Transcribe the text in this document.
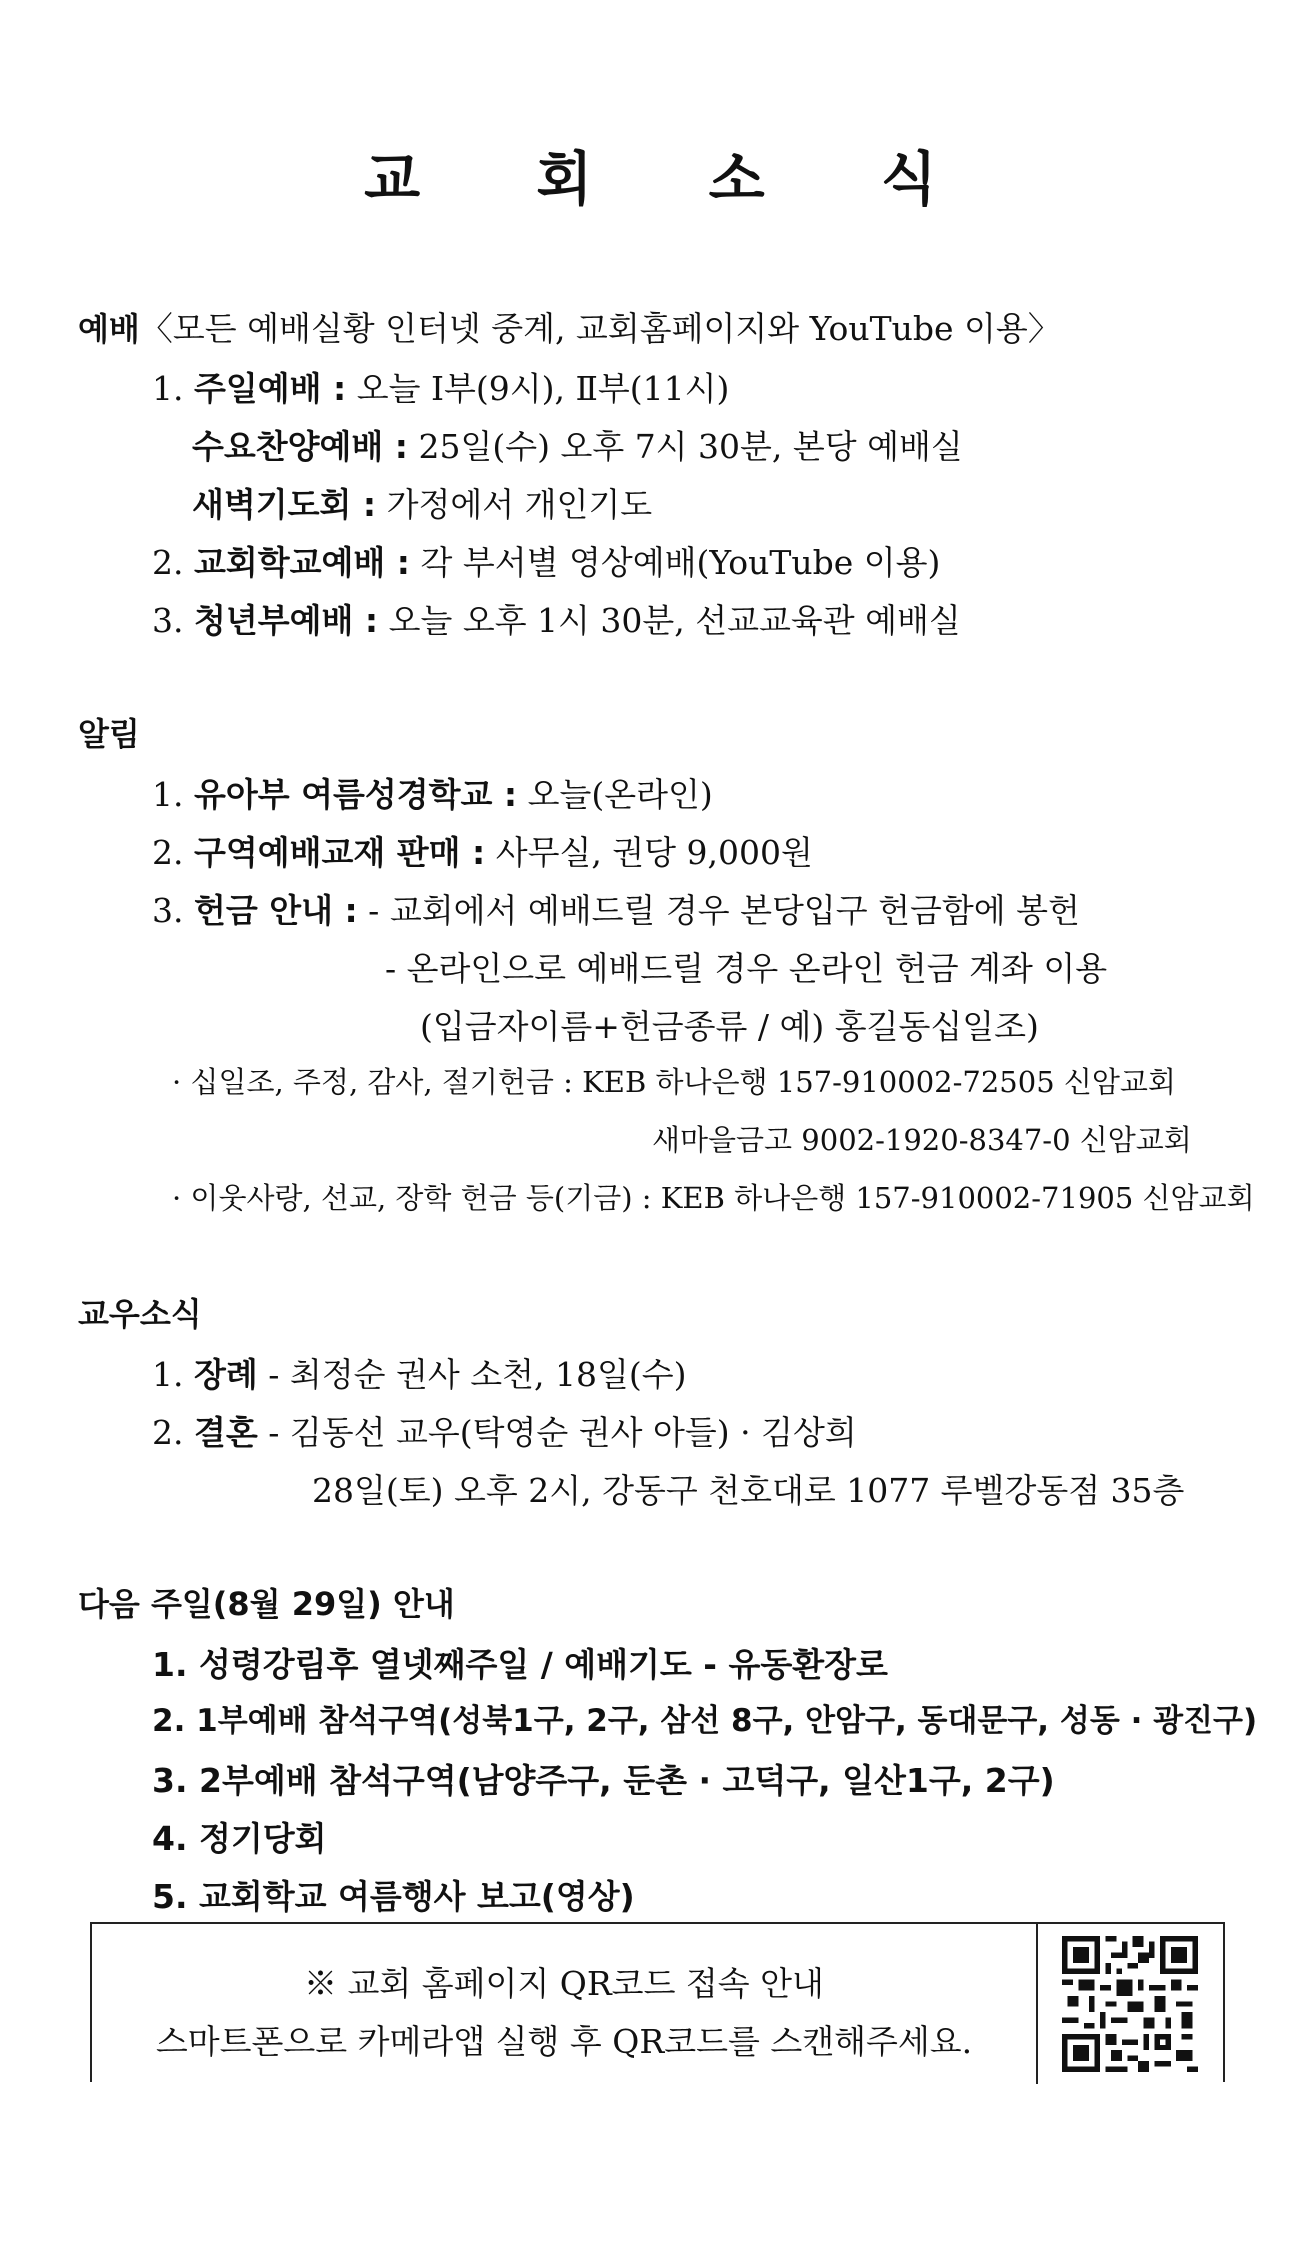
교 회 소 식
예배〈모든 예배실황 인터넷 중계, 교회홈페이지와 YouTube 이용〉
1. 주일예배 : 오늘 Ⅰ부(9시), Ⅱ부(11시)
수요찬양예배 : 25일(수) 오후 7시 30분, 본당 예배실
새벽기도회 : 가정에서 개인기도
2. 교회학교예배 : 각 부서별 영상예배(YouTube 이용)
3. 청년부예배 : 오늘 오후 1시 30분, 선교교육관 예배실
알림
1. 유아부 여름성경학교 : 오늘(온라인)
2. 구역예배교재 판매 : 사무실, 권당 9,000원
3. 헌금 안내 : - 교회에서 예배드릴 경우 본당입구 헌금함에 봉헌
- 온라인으로 예배드릴 경우 온라인 헌금 계좌 이용
(입금자이름+헌금종류 / 예) 홍길동십일조)
· 십일조, 주정, 감사, 절기헌금 : KEB 하나은행 157-910002-72505 신암교회
새마을금고 9002-1920-8347-0 신암교회
· 이웃사랑, 선교, 장학 헌금 등(기금) : KEB 하나은행 157-910002-71905 신암교회
교우소식
1. 장례 - 최정순 권사 소천, 18일(수)
2. 결혼 - 김동선 교우(탁영순 권사 아들) · 김상희
28일(토) 오후 2시, 강동구 천호대로 1077 루벨강동점 35층
다음 주일(8월 29일) 안내
1. 성령강림후 열넷째주일 / 예배기도 - 유동환장로
2. 1부예배 참석구역(성북1구, 2구, 삼선 8구, 안암구, 동대문구, 성동 · 광진구)
3. 2부예배 참석구역(남양주구, 둔촌 · 고덕구, 일산1구, 2구)
4. 정기당회
5. 교회학교 여름행사 보고(영상)
※ 교회 홈페이지 QR코드 접속 안내
스마트폰으로 카메라앱 실행 후 QR코드를 스캔해주세요.
